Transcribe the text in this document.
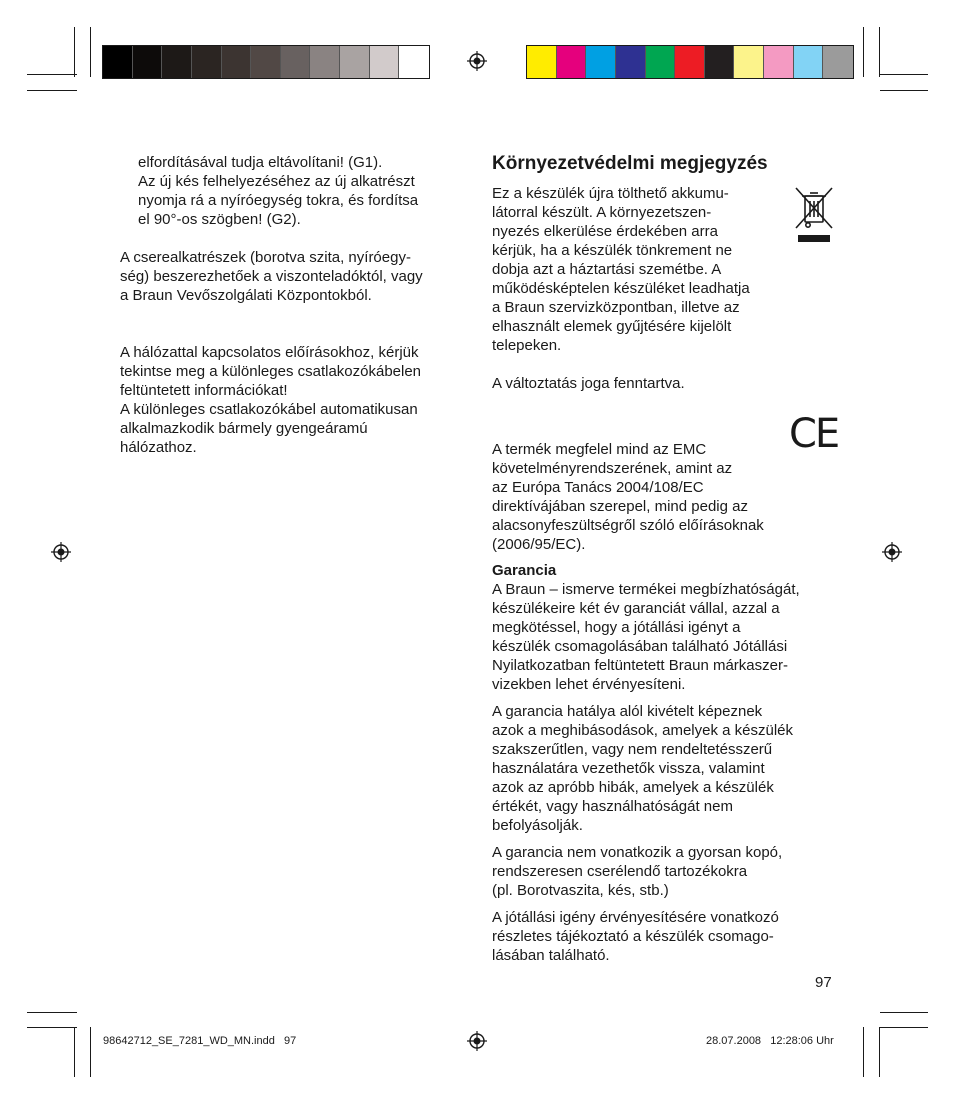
elfordításával tudja eltávolítani! (G1).
Az új kés felhelyezéséhez az új alkatrészt
nyomja rá a nyíróegység tokra, és fordítsa
el 90°-os szögben! (G2).

A cserealkatrészek (borotva szita, nyíróegy-
ség) beszerezhetőek a viszonteladóktól, vagy
a Braun Vevőszolgálati Központokból.

A hálózattal kapcsolatos előírásokhoz, kérjük
tekintse meg a különleges csatlakozókábelen
feltüntetett információkat!
A különleges csatlakozókábel automatikusan
alkalmazkodik bármely gyengeáramú
hálózathoz.

Környezetvédelmi megjegyzés

Ez a készülék újra tölthető akkumu-
látorral készült. A környezetszen-
nyezés elkerülése érdekében arra
kérjük, ha a készülék tönkrement ne
dobja azt a háztartási szemétbe. A
működésképtelen készüléket leadhatja
a Braun szervizközpontban, illetve az
elhasznált elemek gyűjtésére kijelölt
telepeken.

A változtatás joga fenntartva.

A termék megfelel mind az EMC
követelményrendszerének, amint az
az Európa Tanács 2004/108/EC
direktívájában szerepel, mind pedig az
alacsonyfeszültségről szóló előírásoknak
(2006/95/EC).

CE

Garancia

A Braun – ismerve termékei megbízhatóságát,
készülékeire két év garanciát vállal, azzal a
megkötéssel, hogy a jótállási igényt a
készülék csomagolásában található Jótállási
Nyilatkozatban feltüntetett Braun márkaszer-
vizekben lehet érvényesíteni.

A garancia hatálya alól kivételt képeznek
azok a meghibásodások, amelyek a készülék
szakszerűtlen, vagy nem rendeltetésszerű
használatára vezethetők vissza, valamint
azok az apróbb hibák, amelyek a készülék
értékét, vagy használhatóságát nem
befolyásolják.

A garancia nem vonatkozik a gyorsan kopó,
rendszeresen cserélendő tartozékokra
(pl. Borotvaszita, kés, stb.)

A jótállási igény érvényesítésére vonatkozó
részletes tájékoztató a készülék csomago-
lásában található.

97
98642712_SE_7281_WD_MN.indd   97	28.07.2008   12:28:06 Uhr
